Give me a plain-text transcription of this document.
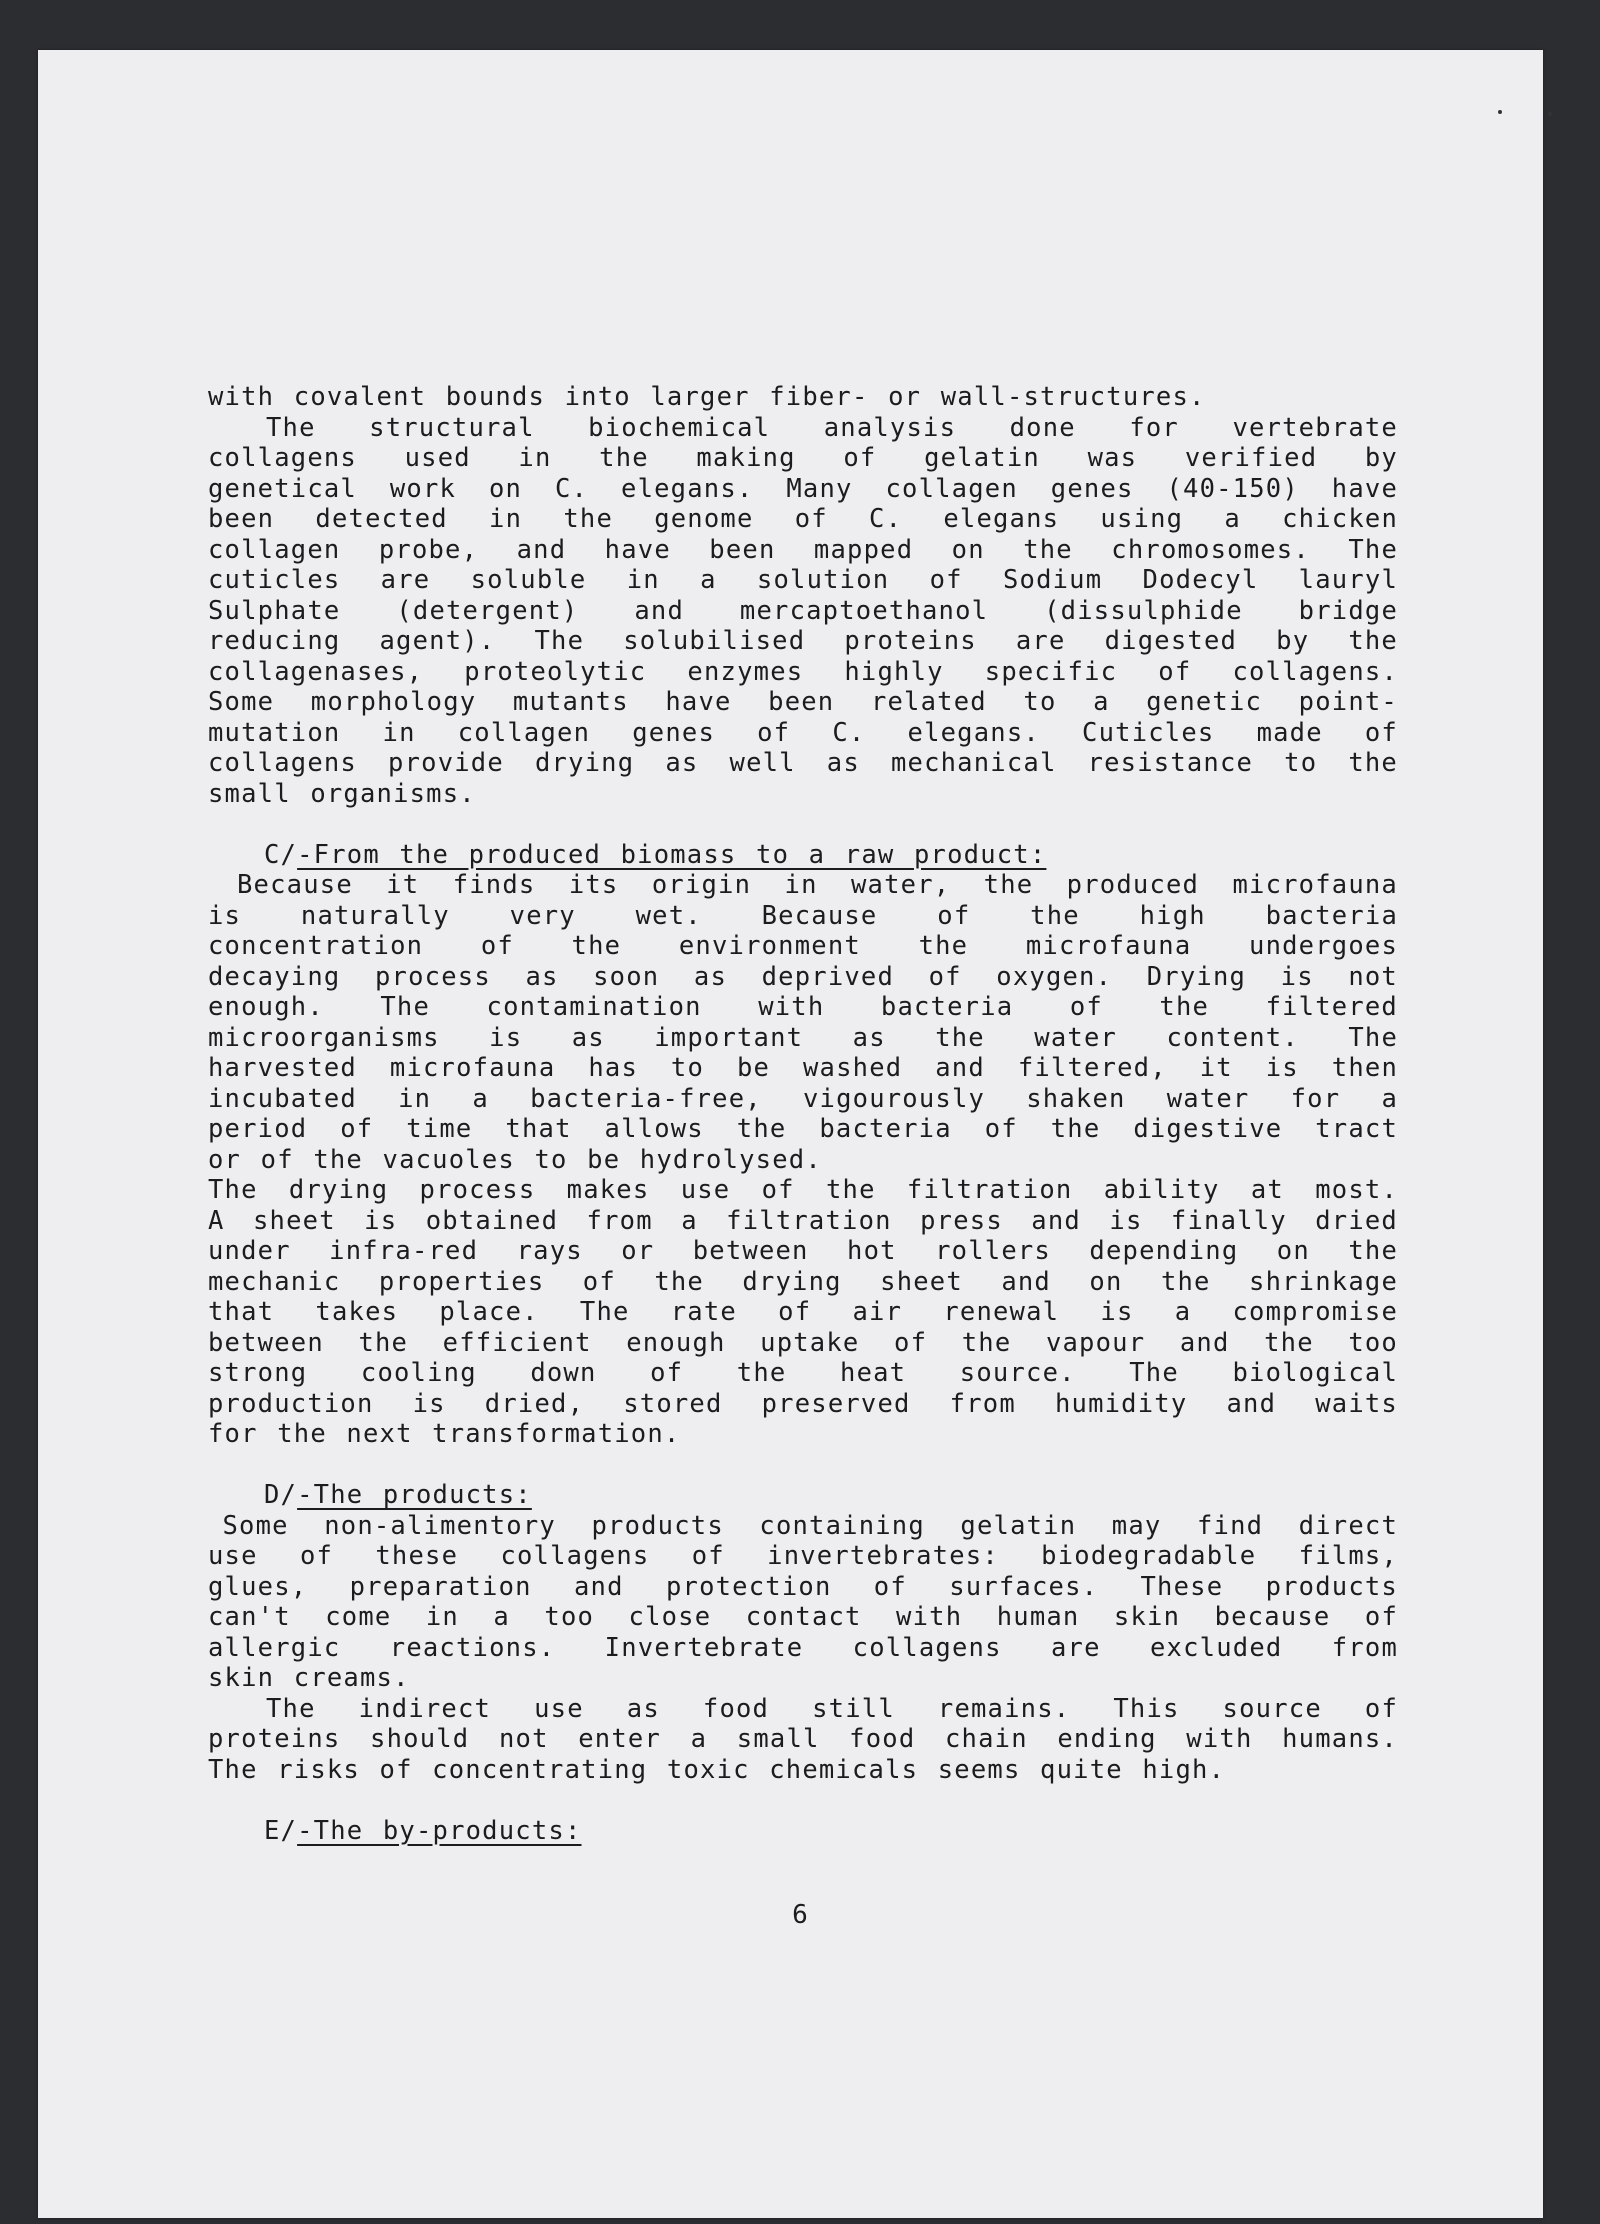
with covalent bounds into larger fiber- or wall-structures.
The structural biochemical analysis done for vertebrate
collagens used in the making of gelatin was verified by
genetical work on C. elegans. Many collagen genes (40-150) have
been detected in the genome of C. elegans using a chicken
collagen probe, and have been mapped on the chromosomes. The
cuticles are soluble in a solution of Sodium Dodecyl lauryl
Sulphate (detergent) and mercaptoethanol (dissulphide bridge
reducing agent). The solubilised proteins are digested by the
collagenases, proteolytic enzymes highly specific of collagens.
Some morphology mutants have been related to a genetic point-
mutation in collagen genes of C. elegans. Cuticles made of
collagens provide drying as well as mechanical resistance to the
small organisms.
C/-From the produced biomass to a raw product:
Because it finds its origin in water, the produced microfauna
is naturally very wet. Because of the high bacteria
concentration of the environment the microfauna undergoes
decaying process as soon as deprived of oxygen. Drying is not
enough. The contamination with bacteria of the filtered
microorganisms is as important as the water content. The
harvested microfauna has to be washed and filtered, it is then
incubated in a bacteria-free, vigourously shaken water for a
period of time that allows the bacteria of the digestive tract
or of the vacuoles to be hydrolysed.
The drying process makes use of the filtration ability at most.
A sheet is obtained from a filtration press and is finally dried
under infra-red rays or between hot rollers depending on the
mechanic properties of the drying sheet and on the shrinkage
that takes place. The rate of air renewal is a compromise
between the efficient enough uptake of the vapour and the too
strong cooling down of the heat source. The biological
production is dried, stored preserved from humidity and waits
for the next transformation.
D/-The products:
Some non-alimentory products containing gelatin may find direct
use of these collagens of invertebrates: biodegradable films,
glues, preparation and protection of surfaces. These products
can't come in a too close contact with human skin because of
allergic reactions. Invertebrate collagens are excluded from
skin creams.
The indirect use as food still remains. This source of
proteins should not enter a small food chain ending with humans.
The risks of concentrating toxic chemicals seems quite high.
E/-The by-products:
6
